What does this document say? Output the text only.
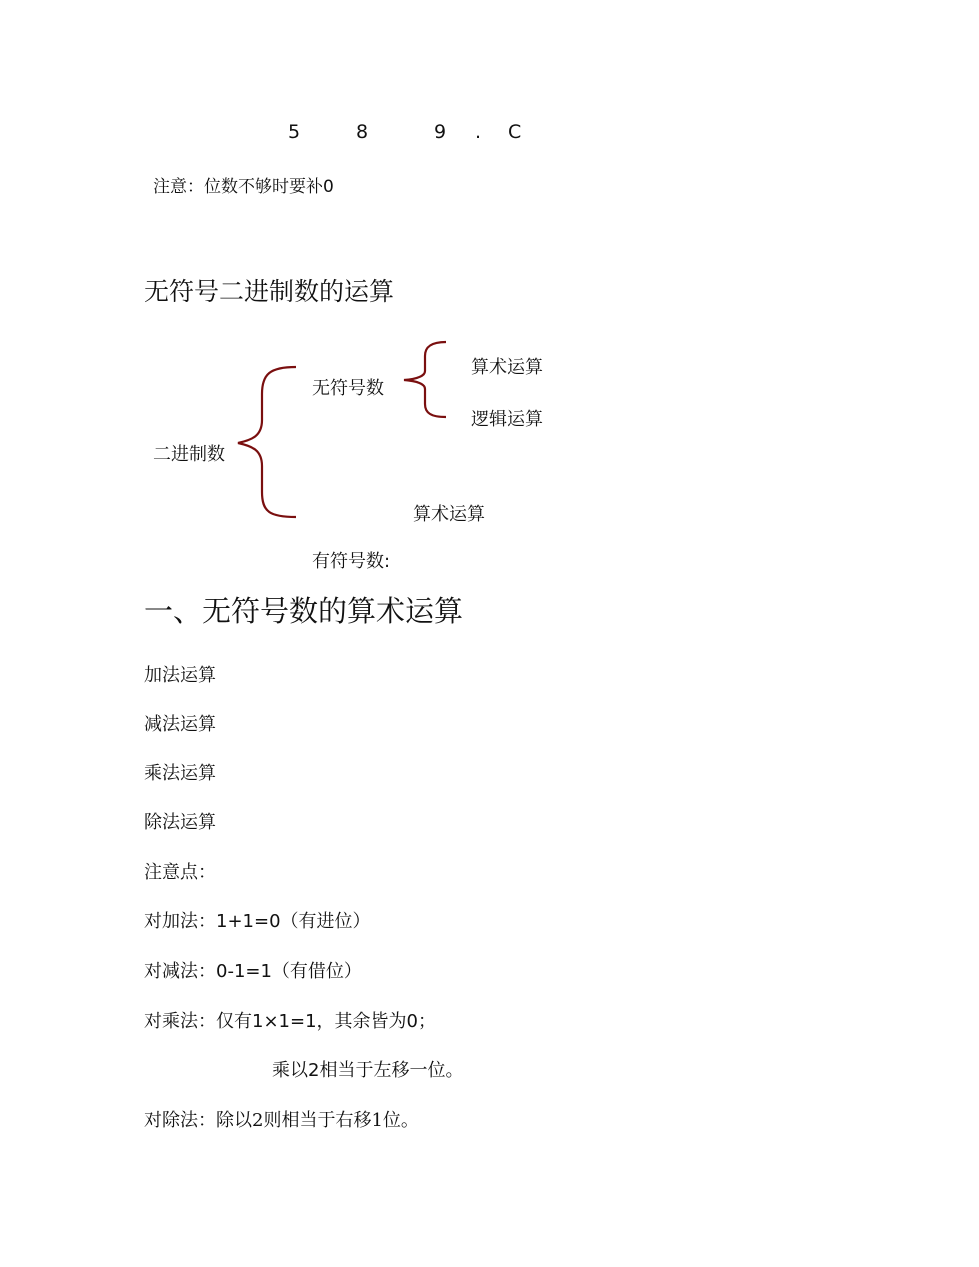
5	8	9 . C
注意：位数不够时要补0
无符号二进制数的运算
二进制数
无符号数
算术运算
逻辑运算
算术运算
有符号数:
一、无符号数的算术运算
加法运算
减法运算
乘法运算
除法运算
注意点：
对加法：1+1=0（有进位）
对减法：0-1=1（有借位）
对乘法：仅有1×1=1，其余皆为0；
乘以2相当于左移一位。
对除法：除以2则相当于右移1位。
